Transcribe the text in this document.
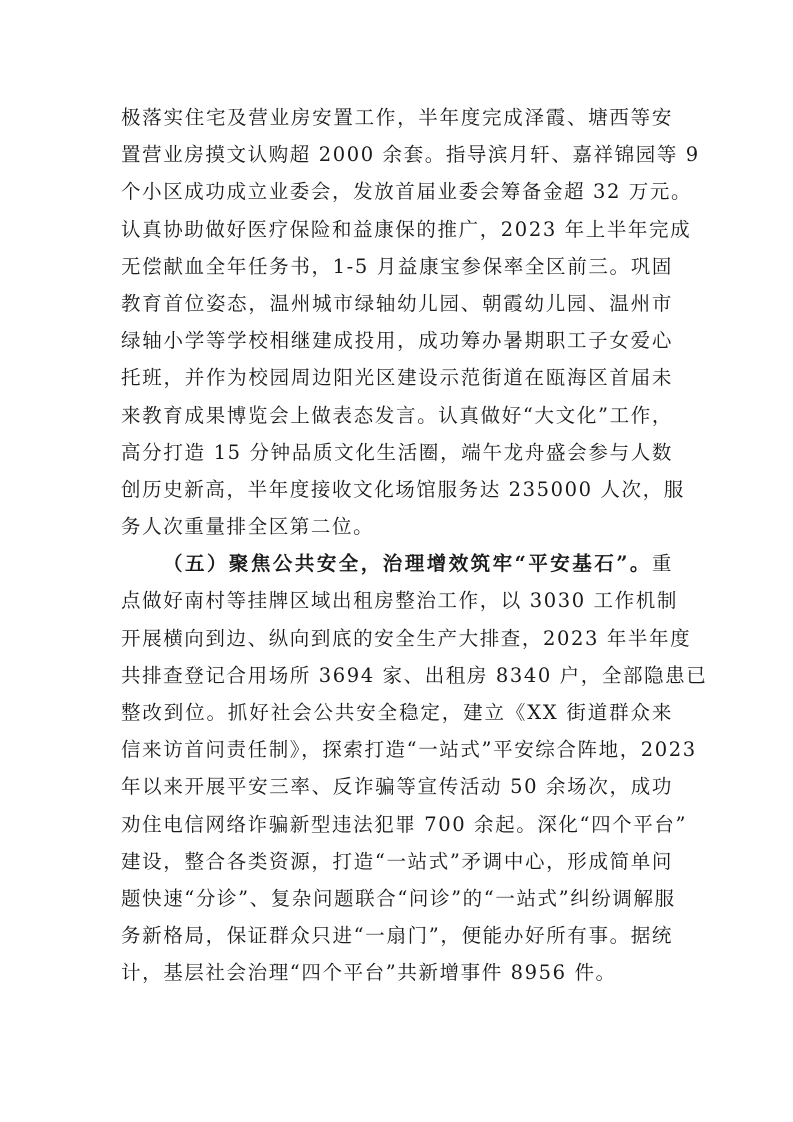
极落实住宅及营业房安置工作，半年度完成泽霞、塘西等安
置营业房摸文认购超 2000 余套。指导滨月轩、嘉祥锦园等 9
个小区成功成立业委会，发放首届业委会筹备金超 32 万元。
认真协助做好医疗保险和益康保的推广，2023 年上半年完成
无偿献血全年任务书，1-5 月益康宝参保率全区前三。巩固
教育首位姿态，温州城市绿轴幼儿园、朝霞幼儿园、温州市
绿轴小学等学校相继建成投用，成功筹办暑期职工子女爱心
托班，并作为校园周边阳光区建设示范街道在瓯海区首届未
来教育成果博览会上做表态发言。认真做好“大文化”工作，
高分打造 15 分钟品质文化生活圈，端午龙舟盛会参与人数
创历史新高，半年度接收文化场馆服务达 235000 人次，服
务人次重量排全区第二位。
（五）聚焦公共安全，治理增效筑牢“平安基石”。重
点做好南村等挂牌区域出租房整治工作，以 3030 工作机制
开展横向到边、纵向到底的安全生产大排查，2023 年半年度
共排查登记合用场所 3694 家、出租房 8340 户，全部隐患已
整改到位。抓好社会公共安全稳定，建立《XX 街道群众来
信来访首问责任制》，探索打造“一站式”平安综合阵地，2023
年以来开展平安三率、反诈骗等宣传活动 50 余场次，成功
劝住电信网络诈骗新型违法犯罪 700 余起。深化“四个平台”
建设，整合各类资源，打造“一站式”矛调中心，形成简单问
题快速“分诊”、复杂问题联合“问诊”的“一站式”纠纷调解服
务新格局，保证群众只进“一扇门”，便能办好所有事。据统
计，基层社会治理“四个平台”共新增事件 8956 件。
